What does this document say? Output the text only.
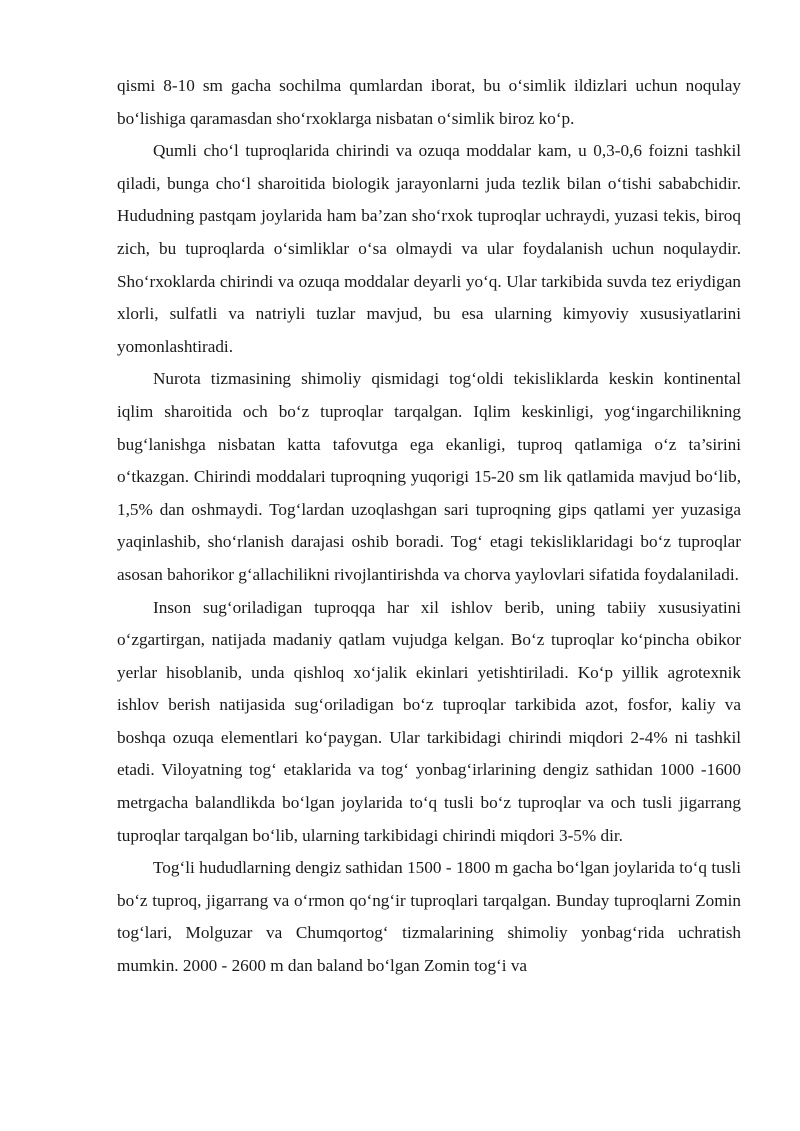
qismi 8-10 sm gacha sochilma qumlardan iborat, bu o‘simlik ildizlari uchun noqulay bo‘lishiga qaramasdan sho‘rxoklarga nisbatan o‘simlik biroz ko‘p.

Qumli cho‘l tuproqlarida chirindi va ozuqa moddalar kam, u 0,3-0,6 foizni tashkil qiladi, bunga cho‘l sharoitida biologik jarayonlarni juda tezlik bilan o‘tishi sababchidir. Hududning pastqam joylarida ham ba’zan sho‘rxok tuproqlar uchraydi, yuzasi tekis, biroq zich, bu tuproqlarda o‘simliklar o‘sa olmaydi va ular foydalanish uchun noqulaydir. Sho‘rxoklarda chirindi va ozuqa moddalar deyarli yo‘q. Ular tarkibida suvda tez eriydigan xlorli, sulfatli va natriyli tuzlar mavjud, bu esa ularning kimyoviy xususiyatlarini yomonlashtiradi.

Nurota tizmasining shimoliy qismidagi tog‘oldi tekisliklarda keskin kontinental iqlim sharoitida och bo‘z tuproqlar tarqalgan. Iqlim keskinligi, yog‘ingarchilikning bug‘lanishga nisbatan katta tafovutga ega ekanligi, tuproq qatlamiga o‘z ta’sirini o‘tkazgan. Chirindi moddalari tuproqning yuqorigi 15-20 sm lik qatlamida mavjud bo‘lib, 1,5% dan oshmaydi. Tog‘lardan uzoqlashgan sari tuproqning gips qatlami yer yuzasiga yaqinlashib, sho‘rlanish darajasi oshib boradi. Tog‘ etagi tekisliklaridagi bo‘z tuproqlar asosan bahorikor g‘allachilikni rivojlantirishda va chorva yaylovlari sifatida foydalaniladi.

Inson sug‘oriladigan tuproqqa har xil ishlov berib, uning tabiiy xususiyatini o‘zgartirgan, natijada madaniy qatlam vujudga kelgan. Bo‘z tuproqlar ko‘pincha obikor yerlar hisoblanib, unda qishloq xo‘jalik ekinlari yetishtiriladi. Ko‘p yillik agrotexnik ishlov berish natijasida sug‘oriladigan bo‘z tuproqlar tarkibida azot, fosfor, kaliy va boshqa ozuqa elementlari ko‘paygan. Ular tarkibidagi chirindi miqdori 2-4% ni tashkil etadi. Viloyatning tog‘ etaklarida va tog‘ yonbag‘irlarining dengiz sathidan 1000 -1600 metrgacha balandlikda bo‘lgan joylarida to‘q tusli bo‘z tuproqlar va och tusli jigarrang tuproqlar tarqalgan bo‘lib, ularning tarkibidagi chirindi miqdori 3-5% dir.

Tog‘li hududlarning dengiz sathidan 1500 - 1800 m gacha bo‘lgan joylarida to‘q tusli bo‘z tuproq, jigarrang va o‘rmon qo‘ng‘ir tuproqlari tarqalgan. Bunday tuproqlarni Zomin tog‘lari, Molguzar va Chumqortog‘ tizmalarining shimoliy yonbag‘rida uchratish mumkin. 2000 - 2600 m dan baland bo‘lgan Zomin tog‘i va
